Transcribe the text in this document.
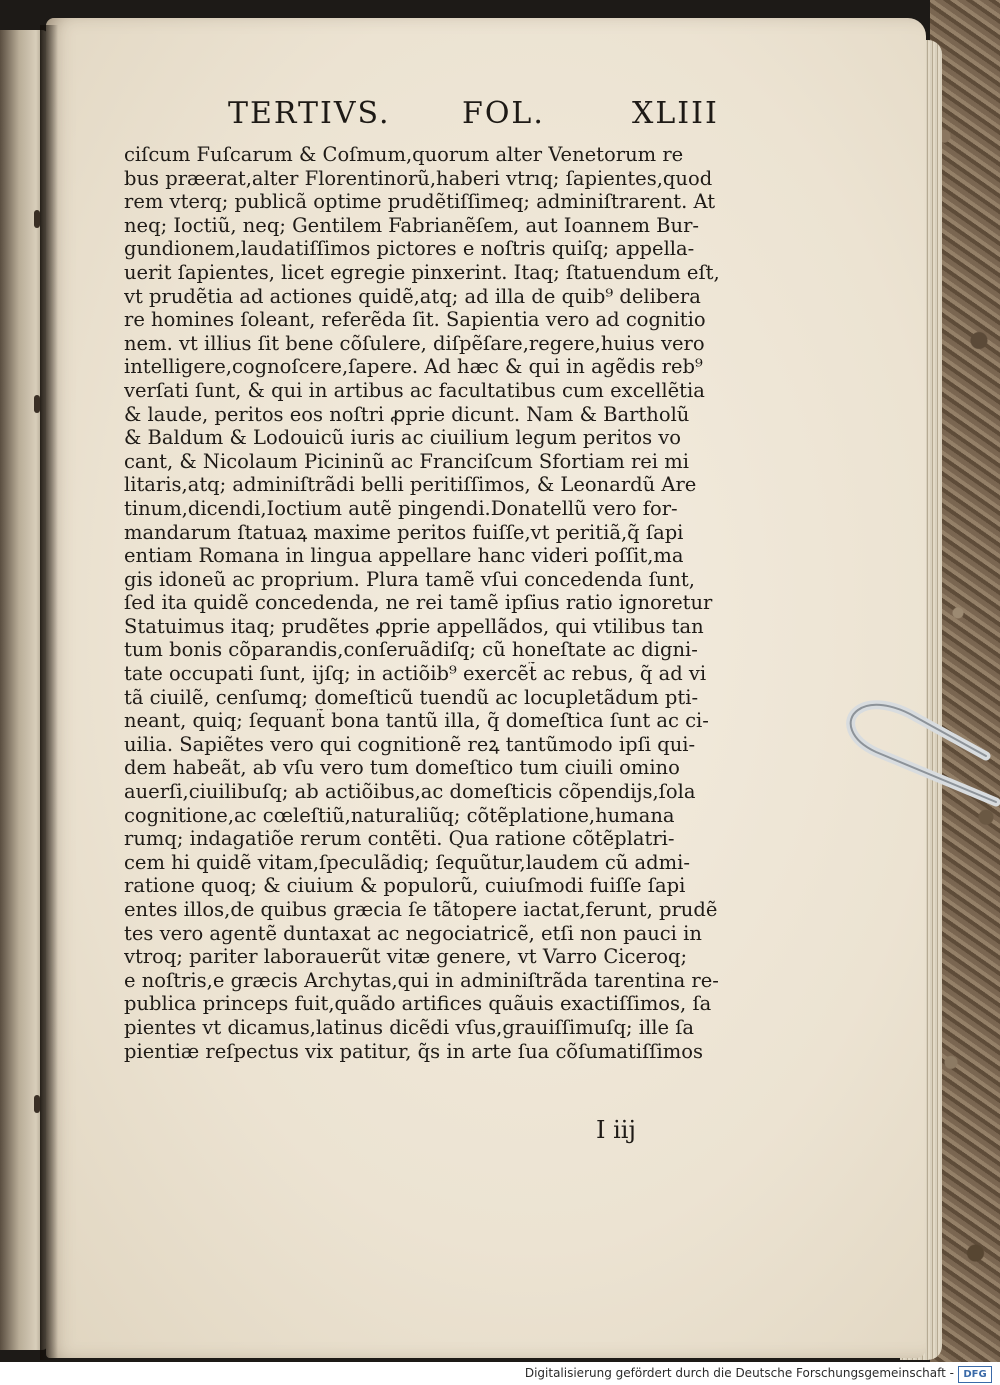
TERTIVS. FOL.	XLIII
ciſcum Fuſcarum & Coſmum,quorum alter Venetorum re
bus præerat,alter Florentinorũ,haberi vtrıq; ſapientes,quod
rem vterq; publicã optime prudẽtiſſimeq; adminiſtrarent. At
neq; Ioctiũ, neq; Gentilem Fabrianẽſem, aut Ioannem Bur-
gundionem,laudatiſſimos pictores e noſtris quiſq; appella-
uerit ſapientes, licet egregie pinxerint. Itaq; ſtatuendum eſt,
vt prudẽtia ad actiones quidẽ,atq; ad illa de quib⁹ delibera
re homines ſoleant, referẽda ſit. Sapientia vero ad cognitio
nem. vt illius ſit bene cõſulere, diſpẽſare,regere,huius vero
intelligere,cognoſcere,ſapere. Ad hæc & qui in agẽdis reb⁹
verſati ſunt, & qui in artibus ac facultatibus cum excellẽtia
& laude, peritos eos noſtri ꝓprie dicunt. Nam & Bartholũ
& Baldum & Lodouicũ iuris ac ciuilium legum peritos vo
cant, & Nicolaum Picininũ ac Franciſcum Sfortiam rei mi
litaris,atq; adminiſtrãdi belli peritiſſimos, & Leonardũ Are
tinum,dicendi,Ioctium autẽ pingendi.Donatellũ vero for-
mandarum ſtatuaꝝ maxime peritos fuiſſe,vt peritiã,q̃ ſapi
entiam Romana in lingua appellare hanc videri poſſit,ma
gis idoneũ ac proprium. Plura tamẽ vſui concedenda ſunt,
ſed ita quidẽ concedenda, ne rei tamẽ ipſius ratio ignoretur
Statuimus itaq; prudẽtes ꝓprie appellãdos, qui vtilibus tan
tum bonis cõparandis,conſeruãdiſq; cũ honeſtate ac digni-
tate occupati ſunt, ijſq; in actiõib⁹ exercẽt̃ ac rebus, q̃ ad vi
tã ciuilẽ, cenſumq; domeſticũ tuendũ ac locupletãdum pti-
neant, quiq; ſequant̃ bona tantũ illa, q̃ domeſtica ſunt ac ci-
uilia. Sapiẽtes vero qui cognitionẽ reꝝ tantũmodo ipſi qui-
dem habeãt, ab vſu vero tum domeſtico tum ciuili omino
auerſi,ciuilibuſq; ab actiõibus,ac domeſticis cõpendijs,ſola
cognitione,ac cœleſtiũ,naturaliũq; cõtẽplatione,humana
rumq; indagatiõe rerum contẽti. Qua ratione cõtẽplatri-
cem hi quidẽ vitam,ſpeculãdiq; ſequũtur,laudem cũ admi-
ratione quoq; & ciuium & populorũ, cuiuſmodi fuiſſe ſapi
entes illos,de quibus græcia ſe tãtopere iactat,ferunt, prudẽ
tes vero agentẽ duntaxat ac negociatricẽ, etſi non pauci in
vtroq; pariter laborauerũt vitæ genere, vt Varro Ciceroq;
e noſtris,e græcis Archytas,qui in adminiſtrãda tarentina re-
publica princeps fuit,quãdo artifices quãuis exactiſſimos, ſa
pientes vt dicamus,latinus dicẽdi vſus,grauiſſimuſq; ille ſa
pientiæ reſpectus vix patitur, q̃s in arte ſua cõſumatiſſimos
I iij
Digitalisierung gefördert durch die Deutsche Forschungsgemeinschaft - DFG
